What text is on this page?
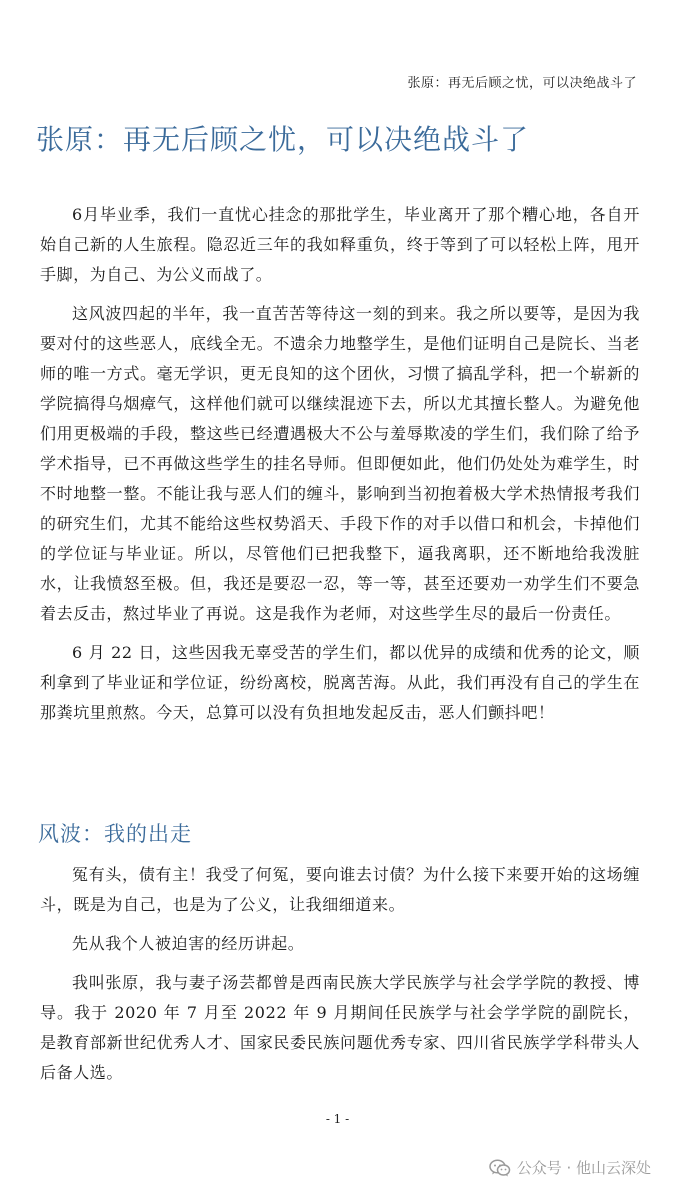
张原：再无后顾之忧，可以决绝战斗了
张原：再无后顾之忧，可以决绝战斗了

6月毕业季，我们一直忧心挂念的那批学生，毕业离开了那个糟心地，各自开始自己新的人生旅程。隐忍近三年的我如释重负，终于等到了可以轻松上阵，甩开手脚，为自己、为公义而战了。

这风波四起的半年，我一直苦苦等待这一刻的到来。我之所以要等，是因为我要对付的这些恶人，底线全无。不遗余力地整学生，是他们证明自己是院长、当老师的唯一方式。毫无学识，更无良知的这个团伙，习惯了搞乱学科，把一个崭新的学院搞得乌烟瘴气，这样他们就可以继续混迹下去，所以尤其擅长整人。为避免他们用更极端的手段，整这些已经遭遇极大不公与羞辱欺凌的学生们，我们除了给予学术指导，已不再做这些学生的挂名导师。但即便如此，他们仍处处为难学生，时不时地整一整。不能让我与恶人们的缠斗，影响到当初抱着极大学术热情报考我们的研究生们，尤其不能给这些权势滔天、手段下作的对手以借口和机会，卡掉他们的学位证与毕业证。所以，尽管他们已把我整下，逼我离职，还不断地给我泼脏水，让我愤怒至极。但，我还是要忍一忍，等一等，甚至还要劝一劝学生们不要急着去反击，熬过毕业了再说。这是我作为老师，对这些学生尽的最后一份责任。

6 月 22 日，这些因我无辜受苦的学生们，都以优异的成绩和优秀的论文，顺利拿到了毕业证和学位证，纷纷离校，脱离苦海。从此，我们再没有自己的学生在那粪坑里煎熬。今天，总算可以没有负担地发起反击，恶人们颤抖吧！

风波：我的出走

冤有头，债有主！我受了何冤，要向谁去讨债？为什么接下来要开始的这场缠斗，既是为自己，也是为了公义，让我细细道来。

先从我个人被迫害的经历讲起。

我叫张原，我与妻子汤芸都曾是西南民族大学民族学与社会学学院的教授、博导。我于 2020 年 7 月至 2022 年 9 月期间任民族学与社会学学院的副院长，是教育部新世纪优秀人才、国家民委民族问题优秀专家、四川省民族学学科带头人后备人选。

- 1 -
公众号 · 他山云深处
